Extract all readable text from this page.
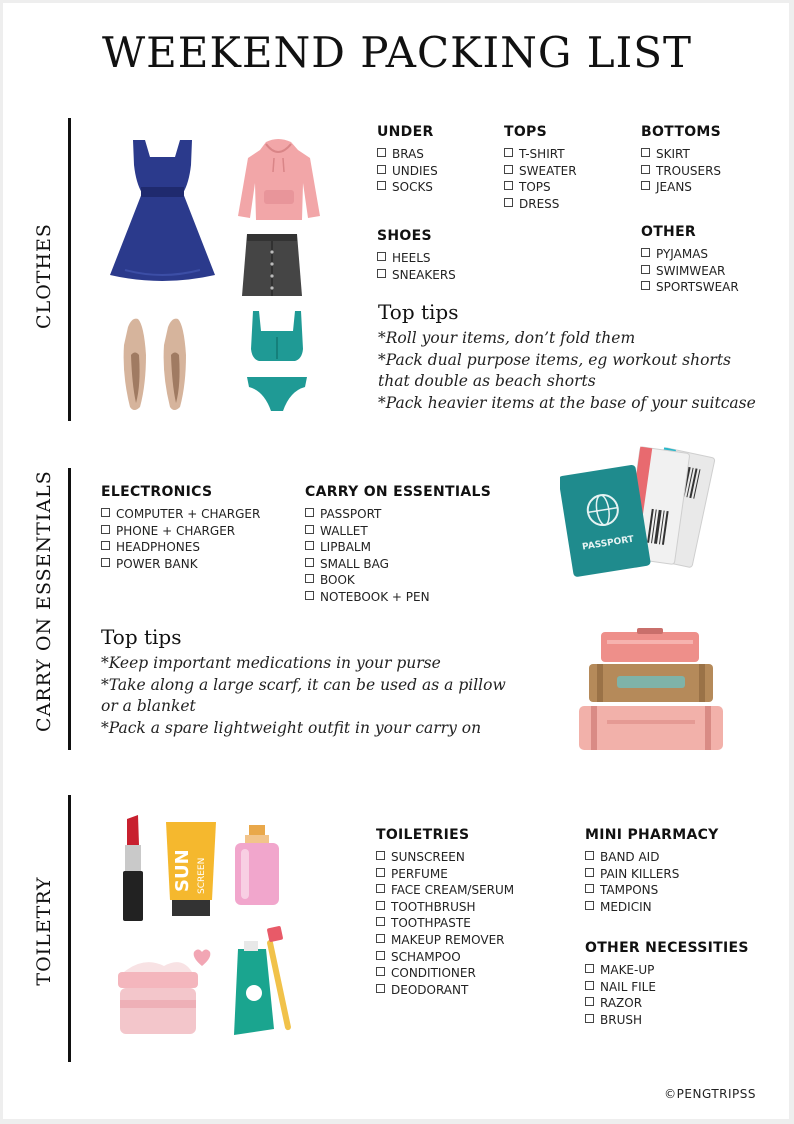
WEEKEND PACKING LIST
CLOTHES
UNDER
BRAS
UNDIES
SOCKS
TOPS
T-SHIRT
SWEATER
TOPS
DRESS
BOTTOMS
SKIRT
TROUSERS
JEANS
SHOES
HEELS
SNEAKERS
OTHER
PYJAMAS
SWIMWEAR
SPORTSWEAR
Top tips

*Roll your items, don’t fold them

*Pack dual purpose items, eg workout shorts

that double as beach shorts

*Pack heavier items at the base of your suitcase

CARRY ON ESSENTIALS	ELECTRONICS
COMPUTER + CHARGER
PHONE + CHARGER
HEADPHONES
POWER BANK
CARRY ON ESSENTIALS
PASSPORT
WALLET
LIPBALM
SMALL BAG
BOOK
NOTEBOOK + PEN
PASSPORT
Top tips

*Keep important medications in your purse

*Take along a large scarf, it can be used as a pillow

or a blanket

*Pack a spare lightweight outfit in your carry on

TOILETRY
SUN SCREEN
TOILETRIES
SUNSCREEN
PERFUME
FACE CREAM/SERUM
TOOTHBRUSH
TOOTHPASTE
MAKEUP REMOVER
SCHAMPOO
CONDITIONER
DEODORANT
MINI PHARMACY
BAND AID
PAIN KILLERS
TAMPONS
MEDICIN
OTHER NECESSITIES
MAKE-UP
NAIL FILE
RAZOR
BRUSH
©PENGTRIPSS
